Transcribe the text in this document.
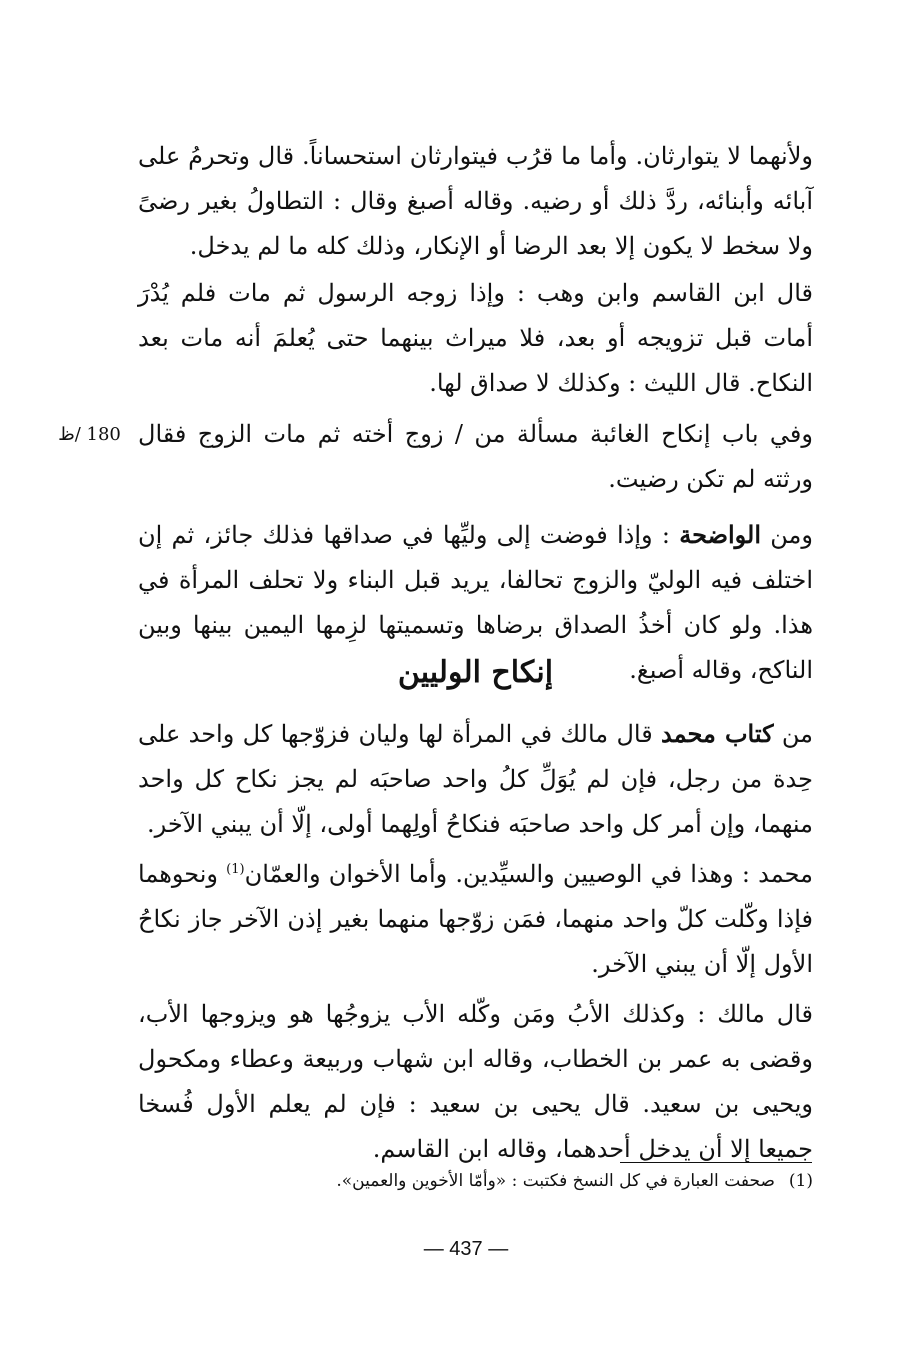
ولأنهما لا يتوارثان. وأما ما قرُب فيتوارثان استحساناً. قال وتحرمُ على آبائه وأبنائه، ردَّ ذلك أو رضيه. وقاله أصبغ وقال : التطاولُ بغير رضىً ولا سخط لا يكون إلا بعد الرضا أو الإنكار، وذلك كله ما لم يدخل.

قال ابن القاسم وابن وهب : وإذا زوجه الرسول ثم مات فلم يُدْرَ أمات قبل تزويجه أو بعد، فلا ميراث بينهما حتى يُعلمَ أنه مات بعد النكاح. قال الليث : وكذلك لا صداق لها.

وفي باب إنكاح الغائبة مسألة من / زوج أخته ثم مات الزوج فقال ورثته لم تكن رضيت.

180 /ظ

ومن الواضحة : وإذا فوضت إلى وليِّها في صداقها فذلك جائز، ثم إن اختلف فيه الوليّ والزوج تحالفا، يريد قبل البناء ولا تحلف المرأة في هذا. ولو كان أخذُ الصداق برضاها وتسميتها لزِمها اليمين بينها وبين الناكح، وقاله أصبغ.

إنكاح الوليين

من كتاب محمد قال مالك في المرأة لها وليان فزوّجها كل واحد على حِدة من رجل، فإن لم يُوَلِّ كلُ واحد صاحبَه لم يجز نكاح كل واحد منهما، وإن أمر كل واحد صاحبَه فنكاحُ أولِهما أولى، إلّا أن يبني الآخر.

محمد : وهذا في الوصيين والسيِّدين. وأما الأخوان والعمّان$^{(1)}$ ونحوهما فإذا وكّلت كلّ واحد منهما، فمَن زوّجها منهما بغير إذن الآخر جاز نكاحُ الأول إلّا أن يبني الآخر.

قال مالك : وكذلك الأبُ ومَن وكّله الأب يزوجُها هو ويزوجها الأب، وقضى به عمر بن الخطاب، وقاله ابن شهاب وربيعة وعطاء ومكحول ويحيى بن سعيد. قال يحيى بن سعيد : فإن لم يعلم الأول فُسخا جميعا إلا أن يدخل أحدهما، وقاله ابن القاسم.

(1)صحفت العبارة في كل النسخ فكتبت : «وأمّا الأخوين والعمين».
— 437 —
